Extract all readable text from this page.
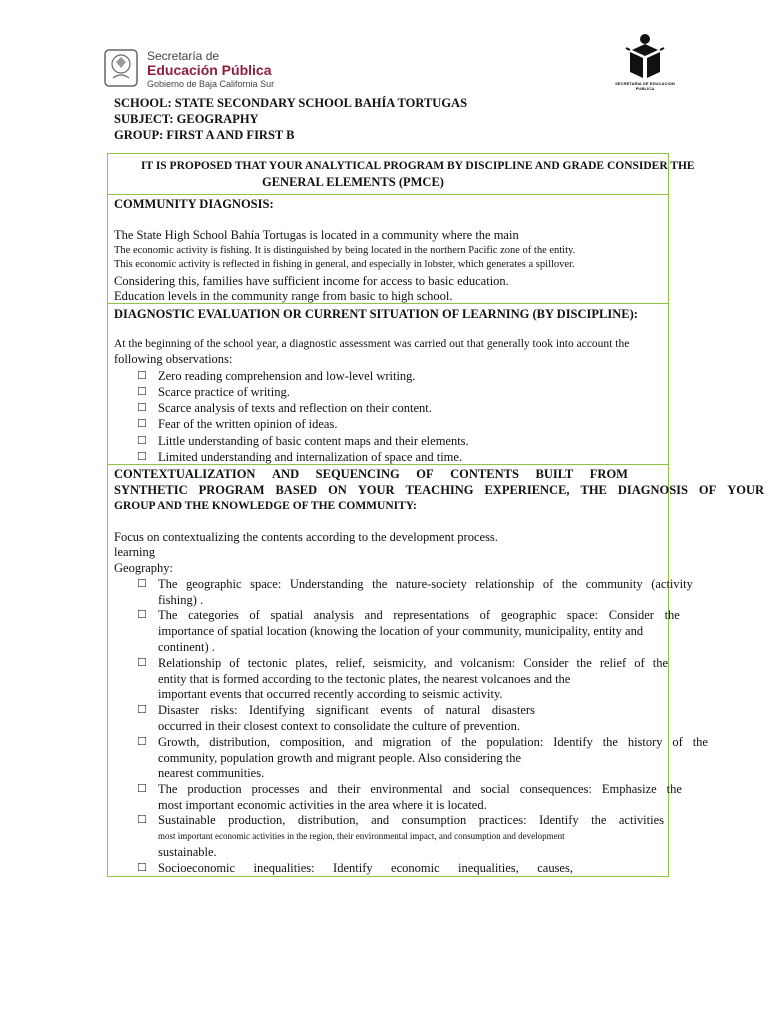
Secretaría de
Educación Pública
Gobierno de Baja California Sur	SECRETARIA DE EDUCACION PUBLICA
SCHOOL: STATE SECONDARY SCHOOL BAHÍA TORTUGAS
SUBJECT: GEOGRAPHY
GROUP: FIRST A AND FIRST B
IT IS PROPOSED THAT YOUR ANALYTICAL PROGRAM BY DISCIPLINE AND GRADE CONSIDER THE
GENERAL ELEMENTS (PMCE)
COMMUNITY DIAGNOSIS:
The State High School Bahía Tortugas is located in a community where the main
The economic activity is fishing. It is distinguished by being located in the northern Pacific zone of the entity.
This economic activity is reflected in fishing in general, and especially in lobster, which generates a spillover.
Considering this, families have sufficient income for access to basic education.
Education levels in the community range from basic to high school.
DIAGNOSTIC EVALUATION OR CURRENT SITUATION OF LEARNING (BY DISCIPLINE):
At the beginning of the school year, a diagnostic assessment was carried out that generally took into account the
following observations:
☐ Zero reading comprehension and low-level writing.
☐ Scarce practice of writing.
☐ Scarce analysis of texts and reflection on their content.
☐ Fear of the written opinion of ideas.
☐ Little understanding of basic content maps and their elements.
☐ Limited understanding and internalization of space and time.
CONTEXTUALIZATION AND SEQUENCING OF CONTENTS BUILT FROM
SYNTHETIC PROGRAM BASED ON YOUR TEACHING EXPERIENCE, THE DIAGNOSIS OF YOUR
GROUP AND THE KNOWLEDGE OF THE COMMUNITY:
Focus on contextualizing the contents according to the development process.
learning
Geography:
☐ The geographic space: Understanding the nature-society relationship of the community (activity
fishing) .
☐ The categories of spatial analysis and representations of geographic space: Consider the
importance of spatial location (knowing the location of your community, municipality, entity and
continent) .
☐ Relationship of tectonic plates, relief, seismicity, and volcanism: Consider the relief of the
entity that is formed according to the tectonic plates, the nearest volcanoes and the
important events that occurred recently according to seismic activity.
☐ Disaster risks: Identifying significant events of natural disasters
occurred in their closest context to consolidate the culture of prevention.
☐ Growth, distribution, composition, and migration of the population: Identify the history of the
community, population growth and migrant people. Also considering the
nearest communities.
☐ The production processes and their environmental and social consequences: Emphasize the
most important economic activities in the area where it is located.
☐ Sustainable production, distribution, and consumption practices: Identify the activities
most important economic activities in the region, their environmental impact, and consumption and development
sustainable.
☐ Socioeconomic inequalities: Identify economic inequalities, causes,
